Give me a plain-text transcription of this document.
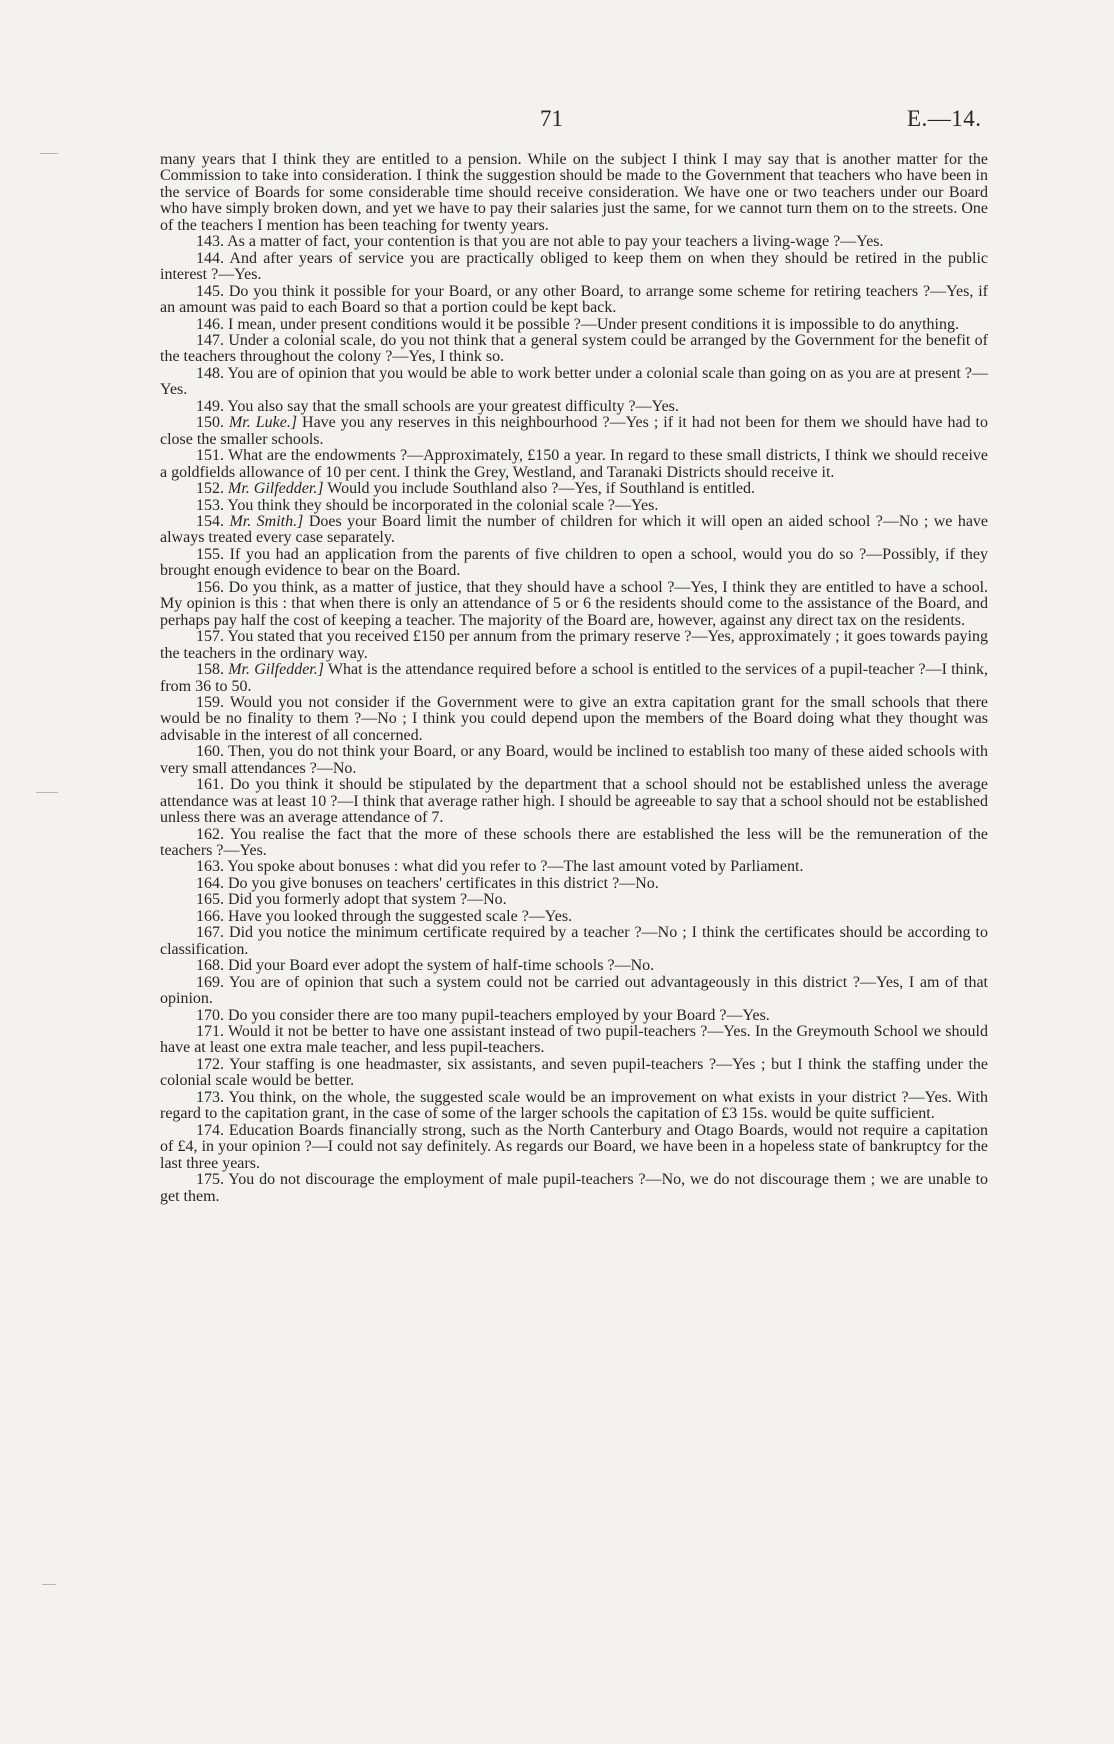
71	E.—14.

many years that I think they are entitled to a pension. While on the subject I think I may say that is another matter for the Commission to take into consideration. I think the suggestion should be made to the Government that teachers who have been in the service of Boards for some considerable time should receive consideration. We have one or two teachers under our Board who have simply broken down, and yet we have to pay their salaries just the same, for we cannot turn them on to the streets. One of the teachers I mention has been teaching for twenty years.

143. As a matter of fact, your contention is that you are not able to pay your teachers a living-wage ?—Yes.

144. And after years of service you are practically obliged to keep them on when they should be retired in the public interest ?—Yes.

145. Do you think it possible for your Board, or any other Board, to arrange some scheme for retiring teachers ?—Yes, if an amount was paid to each Board so that a portion could be kept back.

146. I mean, under present conditions would it be possible ?—Under present conditions it is impossible to do anything.

147. Under a colonial scale, do you not think that a general system could be arranged by the Government for the benefit of the teachers throughout the colony ?—Yes, I think so.

148. You are of opinion that you would be able to work better under a colonial scale than going on as you are at present ?—Yes.

149. You also say that the small schools are your greatest difficulty ?—Yes.

150. Mr. Luke.] Have you any reserves in this neighbourhood ?—Yes ; if it had not been for them we should have had to close the smaller schools.

151. What are the endowments ?—Approximately, £150 a year. In regard to these small districts, I think we should receive a goldfields allowance of 10 per cent. I think the Grey, Westland, and Taranaki Districts should receive it.

152. Mr. Gilfedder.] Would you include Southland also ?—Yes, if Southland is entitled.

153. You think they should be incorporated in the colonial scale ?—Yes.

154. Mr. Smith.] Does your Board limit the number of children for which it will open an aided school ?—No ; we have always treated every case separately.

155. If you had an application from the parents of five children to open a school, would you do so ?—Possibly, if they brought enough evidence to bear on the Board.

156. Do you think, as a matter of justice, that they should have a school ?—Yes, I think they are entitled to have a school. My opinion is this : that when there is only an attendance of 5 or 6 the residents should come to the assistance of the Board, and perhaps pay half the cost of keeping a teacher. The majority of the Board are, however, against any direct tax on the residents.

157. You stated that you received £150 per annum from the primary reserve ?—Yes, approximately ; it goes towards paying the teachers in the ordinary way.

158. Mr. Gilfedder.] What is the attendance required before a school is entitled to the services of a pupil-teacher ?—I think, from 36 to 50.

159. Would you not consider if the Government were to give an extra capitation grant for the small schools that there would be no finality to them ?—No ; I think you could depend upon the members of the Board doing what they thought was advisable in the interest of all concerned.

160. Then, you do not think your Board, or any Board, would be inclined to establish too many of these aided schools with very small attendances ?—No.

161. Do you think it should be stipulated by the department that a school should not be established unless the average attendance was at least 10 ?—I think that average rather high. I should be agreeable to say that a school should not be established unless there was an average attendance of 7.

162. You realise the fact that the more of these schools there are established the less will be the remuneration of the teachers ?—Yes.

163. You spoke about bonuses : what did you refer to ?—The last amount voted by Parliament.

164. Do you give bonuses on teachers' certificates in this district ?—No.

165. Did you formerly adopt that system ?—No.

166. Have you looked through the suggested scale ?—Yes.

167. Did you notice the minimum certificate required by a teacher ?—No ; I think the certificates should be according to classification.

168. Did your Board ever adopt the system of half-time schools ?—No.

169. You are of opinion that such a system could not be carried out advantageously in this district ?—Yes, I am of that opinion.

170. Do you consider there are too many pupil-teachers employed by your Board ?—Yes.

171. Would it not be better to have one assistant instead of two pupil-teachers ?—Yes. In the Greymouth School we should have at least one extra male teacher, and less pupil-teachers.

172. Your staffing is one headmaster, six assistants, and seven pupil-teachers ?—Yes ; but I think the staffing under the colonial scale would be better.

173. You think, on the whole, the suggested scale would be an improvement on what exists in your district ?—Yes. With regard to the capitation grant, in the case of some of the larger schools the capitation of £3 15s. would be quite sufficient.

174. Education Boards financially strong, such as the North Canterbury and Otago Boards, would not require a capitation of £4, in your opinion ?—I could not say definitely. As regards our Board, we have been in a hopeless state of bankruptcy for the last three years.

175. You do not discourage the employment of male pupil-teachers ?—No, we do not discourage them ; we are unable to get them.
